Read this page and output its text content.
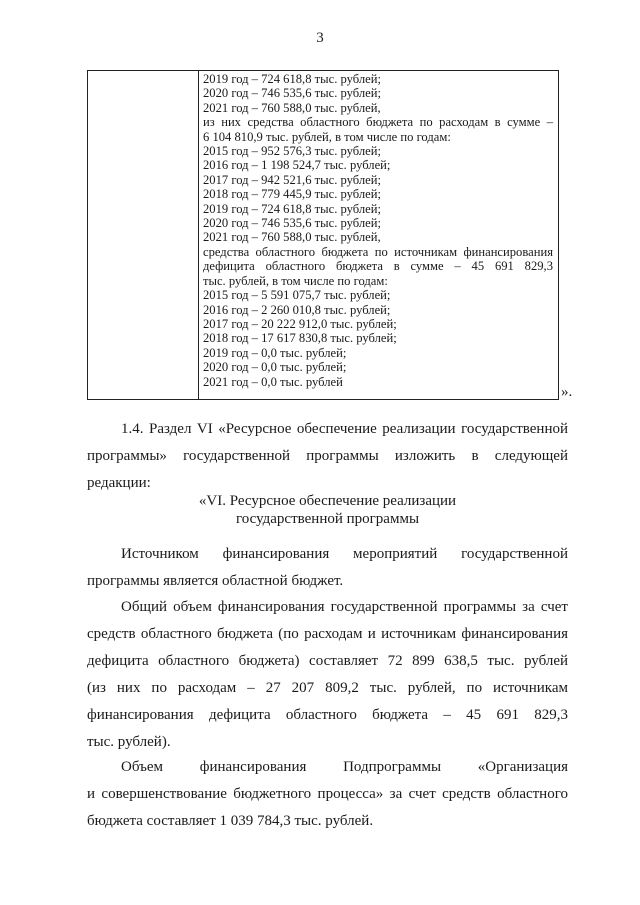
3
2019 год – 724 618,8 тыс. рублей;
2020 год – 746 535,6 тыс. рублей;
2021 год – 760 588,0 тыс. рублей,
из них средства областного бюджета по расходам в сумме –
6 104 810,9 тыс. рублей, в том числе по годам:
2015 год – 952 576,3 тыс. рублей;
2016 год – 1 198 524,7 тыс. рублей;
2017 год – 942 521,6 тыс. рублей;
2018 год – 779 445,9 тыс. рублей;
2019 год – 724 618,8 тыс. рублей;
2020 год – 746 535,6 тыс. рублей;
2021 год – 760 588,0 тыс. рублей,
средства областного бюджета по источникам финансирования
дефицита областного бюджета в сумме – 45 691 829,3
тыс. рублей, в том числе по годам:
2015 год – 5 591 075,7 тыс. рублей;
2016 год – 2 260 010,8 тыс. рублей;
2017 год – 20 222 912,0 тыс. рублей;
2018 год – 17 617 830,8 тыс. рублей;
2019 год – 0,0 тыс. рублей;
2020 год – 0,0 тыс. рублей;
2021 год – 0,0 тыс. рублей
».
1.4. Раздел VI «Ресурсное обеспечение реализации государственной
программы» государственной программы изложить в следующей
редакции:
«VI. Ресурсное обеспечение реализации
государственной программы
Источником финансирования мероприятий государственной
программы является областной бюджет.
Общий объем финансирования государственной программы за счет
средств областного бюджета (по расходам и источникам финансирования
дефицита областного бюджета) составляет 72 899 638,5 тыс. рублей
(из них по расходам – 27 207 809,2 тыс. рублей, по источникам
финансирования дефицита областного бюджета – 45 691 829,3
тыс. рублей).
Объем финансирования Подпрограммы «Организация
и совершенствование бюджетного процесса» за счет средств областного
бюджета составляет 1 039 784,3 тыс. рублей.
